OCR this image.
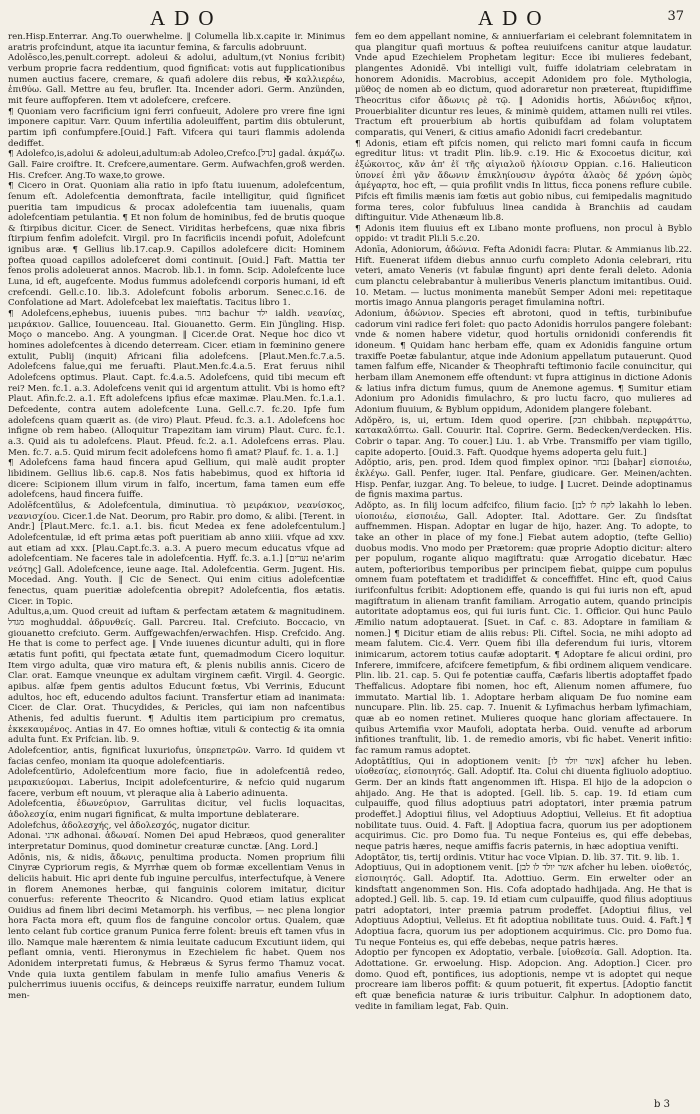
ADO	ADO	37

ren.Hisp.Enterrar. Ang.To ouerwhelme. ‖ Columella lib.x.capite ir. Minimus aratris profcindunt, atque ita iacuntur femina, & farculis adobruunt.

Adolēsco,les,penult.corrept. adoleui & adolui, adultum,(vt Nonius fcribit) verbum proprie facra reddentium, quod fignificat: votis aut fupplicationibus numen auctius facere, cremare, & quafi adolere diis rebus, ✠ καλλιερέω, ἐπιθύω. Gall. Mettre au feu, brufler. Ita. Incender adori. Germ. Anzünden, mit feure auffopferen. Item vt adolefcere, crefcere.

¶ Quoniam vero facrificium igni ferri confueuit, Adolere pro vrere fine igni imponere capitur. Varr. Quum infertilia adoleuiffent, partim diis obtulerunt, partim ipfi confumpfere.[Ouid.] Faft. Vifcera qui tauri flammis adolenda dediffet.

¶ Adolefco,is,adolui & adoleui,adultum:ab Adoleo,Crefco.[גדל] gadal. ἀκμάζω. Gall. Faire croiftre. It. Crefcere,aumentare. Germ. Aufwachfen,groß werden. His. Crefcer. Ang.To waxe,to growe.

¶ Cicero in Orat. Quoniam alia ratio in ipfo ſtatu iuuenum, adolefcentum, ſenum eſt. Adolefcentia demonftrata, facile intelligitur, quid ſignificet pueritia tam impudicus & procax adolefcentia tam iuuenalis, quam adolefcentiam petulantia. ¶ Et non folum de hominibus, fed de brutis quoque & ſtirpibus dicitur. Cicer. de Senect. Viriditas herbefcens, quæ nixa fibris ſtirpium fenfim adolefcit. Virgil. pro In facrificiis incendi pofuit, Adolefcunt ignibus aræ. ¶ Gellius lib.17.cap.9. Capillos adolefcere dicit: Hominem poftea quoad capillos adolefceret domi continuit. [Ouid.] Faft. Mattia ter fenos prolis adoleuerat annos. Macrob. lib.1. in fomn. Scip. Adolefcente luce Luna, id eft, augefcente. Modus fummus adolefcendi corporis humani, id eft crefcendi. Gell.c.10. lib.3. Adolefcunt fobolis arborum. Senec.c.16. de Confolatione ad Mart. Adolefcebat lex maieftatis. Tacitus libro 1.

¶ Adolefcens,ephebus, iuuenis pubes. בחור bachur ילד ialdh. νεανίας, μειράκιον. Gallice, Iouuenceau. Ital. Giouanetto. Germ. Ein Jüngling. Hisp. Moço o mancebo. Ang. A youngman. ‖ Cicer.de Orat. Neque hoc dico vt homines adolefcentes à dicendo deterream. Cicer. etiam in fœminino genere extulit, Publij (inquit) Africani filia adolefcens. [Plaut.Men.fc.7.a.5. Adolefcens falue,qui me feruafti. Plaut.Men.fc.4.a.5. Erat feruus nihil Adolefcens optimus. Plaut. Capt. fc.4.a.5. Adolefcens, quid tibi mecum eft rei? Men. fc.1. a.3. Adolefcens venit qui id argentum attulit. Vbi is homo eft? Plaut. Afin.fc.2. a.1. Eft adolefcens ipfius efcæ maximæ. Plau.Men. fc.1.a.1. Defcedente, contra autem adolefcente Luna. Gell.c.7. fc.20. Ipfe fum adolefcens quam quærit as. (de viro) Plaut. Pfeud. fc.3. a.1. Adolefcens hoc infigne ob rem habeo. (Alloquitur Trapezitam iam virum) Plaut. Curc. fc.1. a.3. Quid ais tu adolefcens. Plaut. Pfeud. fc.2. a.1. Adolefcens erras. Plau. Men. fc.7. a.5. Quid mirum fecit adolefcens homo fi amat? Plauf. fc. 1. a. 1.]

¶ Adolefcens fama haud fincera apud Gellium, qui malè audit propter libidinem. Gellius lib.6. cap.8. Nos fatis habebimus, quod ex hiftoria id dicere: Scipionem illum virum in falfo, incertum, fama tamen eum effe adolefcens, haud fincera fuiffe.

Adolēfcentŭlus, & Adolefcentula, diminutiua. τὸ μειράκιον, νεανίσκος, νεανισχίου. Cicer.1.de Nat. Deorum, pro Rabir. pro domo, & alibi. [Terent. in Andr.] [Plaut.Merc. fc.1. a.1. bis. ficut Medea ex fene adolefcentulum.] Adolefcentulæ, id eft prima ætas poft pueritiam ab anno xiiii. vfque ad xxv. aut etiam ad xxx. [Plau.Capt.fc.3. a.3. A puero mecum educatus vfque ad adolefcentiam. Ne faceres tale in adolefcentia. Hyff. fc.3. a.1.] [נערים ne'arim νεότης] Gall. Adolefcence, ieune aage. Ital. Adolefcentia. Germ. Jugent. His. Mocedad. Ang. Youth. ‖ Cic de Senect. Qui enim citius adolefcentiæ fenectus, quam pueritiæ adolefcentia obrepit? Adolefcentia, flos ætatis. Cicer. in Topic.

Adultus,a,um. Quod creuit ad iuftam & perfectam ætatem & magnitudinem. מגדל moghuddal. ἀδρυνθείς. Gall. Parcreu. Ital. Crefciuto. Boccacio, vn giouanetto crefciuto. Germ. Auffgewachfen/erwachfen. Hisp. Crefcido. Ang. He that is come to perfect age. ‖ Vnde iuuenes dicuntur adulti, qui in flore ætatis funt pofiti, qui fpectata ætate funt, quemadmodum Cicero loquitur. Item virgo adulta, quæ viro matura eft, & plenis nubilis annis. Cicero de Clar. orat. Eamque vneunque ex adultam virginem cæfit. Virgil. 4. Georgic. apibus. alſæ fpem gentis adultos Educunt fœtus, Vbi Verrinis, Educunt adultos, hoc eft, educendo adultos faciunt. Transfertur etiam ad inanimata: Cicer. de Clar. Orat. Thucydides, & Pericles, qui iam non nafcentibus Athenis, fed adultis fuerunt. ¶ Adultis item participium pro crematus, ἐκκεκαυμένος. Antias in 47. Eo omnes hoftiæ, vituli & contectig & ita omnia adulta funt. Ex Prifcian. lib. 9.

Adolefcentior, antis, fignificat luxuriofus, ὑπερπετρῶν. Varro. Id quidem vt facias cenfeo, moniam ita quoque adolefcentiaris.

Adolefcentŭrio, Adolefcentium more facio, fiue in adolefcentiâ redeo, μειρακιεύομαι. Laberius, Incipit adolefcenturire, & nefcio quid nugarum facere, verbum eft nouum, vt pleraque alia à Laberio adinuenta.

Adolefcentia, ἐδωνεύριον, Garrulitas dicitur, vel fuclis loquacitas, ἀδολεσχία, enim nugari fignificat, & multa importune deblaterare.

Adolefchus, ἀδολεσχής, vel ἀδολεσχός, nugator dicitur.

Adonai. אדני adhonai. ἀδωναί. Nomen Dei apud Hebræos, quod generaliter interpretatur Dominus, quod dominetur creaturæ cunctæ. [Ang. Lord.]

Adōnis, nis, & nidis, ἄδωνις, penultima producta. Nomen proprium filii Cinyræ Cypriorum regis, & Myrrhæ quem ob formæ excellentiam Venus in deliciis habuit. Hic apri dente fub inguine perculfus, interfectufque, à Venere in florem Anemones herbæ, qui fanguinis colorem imitatur, dicitur conuerfus: referente Theocrito & Nicandro. Quod etiam latius explicat Ouidius ad finem libri decimi Metamorph. his verfibus, — nec plena longior hora Facta mora eft, quum flos de fanguine concolor ortus. Qualem, quæ lento celant fub cortice granum Punica ferre folent: breuis eft tamen vfus in illo. Namque male hærentem & nimia leuitate caducum Excutiunt iidem, qui peflant omnia, venti. Hieronymus in Ezechielem fic habet. Quem nos Adonidem interpretati fumus, & Hebræus & Syrus fermo Thamuz vocat. Vnde quia iuxta gentilem fabulam in menfe Iulio amafius Veneris & pulcherrimus iuuenis occifus, & deinceps reuixiffe narratur, eundem Iulium men-

fem eo dem appellant nomine, & anniuerfariam ei celebrant folemnitatem in qua plangitur quafi mortuus & poftea reuiuifcens canitur atque laudatur. Vnde apud Ezechielem Prophetam legitur: Ecce ibi mulieres fedebant, plangentes Adonidē. Vbi intelligi vult, fuiffe idolatriam celebratam in honorem Adonidis. Macrobius, accepit Adonidem pro fole. Mythologia, μῦθος de nomen ab eo dictum, quod adoraretur non prætereat, ftupidiffime Theocritus cifor ἄδωνις ρὲ τῷ. ‖ Adonidis hortis, Ἀδώνιδος κῆποι, Prouerbialiter dicuntur res leues, & minimè quidem, attamen nulli rei vtiles. Tractum eft prouerbium ab hortis quibufdam ad folam voluptatem comparatis, qui Veneri, & citius amafio Adonidi facri credebantur.

¶ Adonis, etiam eft pifcis nomen, qui relicto mari fomni caufa in ficcum egreditur litus: vt tradit Plin. lib.9. c.19. Hic & Exocoetus dicitur, καὶ ἐξώκοιτος, κἄν ἀπ' ἑῖ τῆς αἰγιαλοῦ ἡλίοισιν Oppian. c.16. Halieuticon ὑπονεί ἐπὶ γᾶν ἄδωνιν ἐπικληίουσιν ἀγρότα ἀλαὸς δέ χρόνη ὠμὸς ἀμέγαρτα, hoc eft, — quia profilit vndis In littus, ficca ponens reflure cubile. Pifcis eft fimilis mænis iam fœtis aut gobio nibus, cui femipedalis magnitudo forma teres, color fubfuluus linea candida à Branchiis ad caudam diftinguitur. Vide Athenæum lib.8.

¶ Adonis item fluuius eft ex Libano monte profluens, non procul à Byblo oppido: vt tradit Pli.li 5.c.20.

Adonīa, Adoniorum, ἀδώνια. Fefta Adonidi facra: Plutar. & Ammianus lib.22. Hift. Euenerat iifdem diebus annuo curfu completo Adonia celebrari, ritu veteri, amato Veneris (vt fabulæ fingunt) apri dente ferali deleto. Adonia cum planctu celebrabantur à mulieribus Veneris planctum imitantibus. Ouid. 10. Metam. — luctus monimenta manebūt Semper Adoni mei: repetitaque mortis imago Annua plangoris peraget fimulamina noftri.

Adonium, ἀδώνιον. Species eft abrotoni, quod in teftis, turbinibufue cadorum vini radice feri folet: quo pacto Adonidis horrulos pangere folebant: vnde & nomen habere videtur, quod hortulis ornidonidi conferendis fit idoneum. ¶ Quidam hanc herbam effe, quam ex Adonidis fanguine ortum traxiffe Poetæ fabulantur, atque inde Adonium appellatum putauerunt. Quod tamen falfum effe, Nicander & Theophrafti teftimonio facile conuincitur, qui herbam illam Anemonem effe oftendunt: vt fupra attiginus in dictione Adonis & latius infra dictum fumus, quum de Anemone agemus. ¶ Sumitur etiam Adonium pro Adonidis fimulachro, & pro luctu facro, quo mulieres ad Adonium fluuium, & Byblum oppidum, Adonidem plangere folebant.

Adŏpĕro, is, ui, ertum. Idem quod operire. [חבק chibbah. περιφράττω, κατακαλύπτω. Gall. Couurir. Ital. Coprire. Germ. Bedecken/verdecken. His. Cobrir o tapar. Ang. To couer.] Liu. 1. ab Vrbe. Transmiffo per viam tigillo, capite adoperto. [Ouid.3. Faft. Quodque hyems adoperta gelu fuit.]

Adŏptio, aris, pen. prod. Idem quod fimplex opinor. נבחר [baḥar] εἰσποιέω, ἐκλέγω. Gall. Penfer, iuger. Ital. Penfare, giudicare. Ger. Meinen/achten. Hisp. Penfar, iuzgar. Ang. To beleue, to iudge. ‖ Lucret. Deinde adoptinamus de fignis maxima partus.

Adŏpto, as. In filij locum adfcifco, filium facio. [לקח לו לבן lakahh lo leben. υἱοποιέω, εἰσποιέω, Gall. Adopter. Ital. Adottare. Ger. Zu ſindsſtat auffnemmen. Hispan. Adoptar en lugar de hijo, hazer. Ang. To adopte, to take an other in place of my fone.] Fiebat autem adoptio, (tefte Gellio) duobus modis. Vno modo per Prætorem: quæ proprie Adoptio dicitur: altero per populum, rogante aliquo magiftratu: quæ Arrogatio dicebatur. Hæc autem, pofterioribus temporibus per principem fiebat, quippe cum populus omnem fuam poteftatem et tradidiffet & conceffiffet. Hinc eft, quod Caius iurifconfultus fcribit: Adoptionem effe, quando is qui fui iuris non eft, apud magiftratum in alienam tranfit familiam. Arrogatio autem, quando principis autoritate adoptamus eos, qui fui iuris funt. Cic. 1. Officior. Qui hunc Paulo Æmilio natum adoptauerat. [Suet. in Caf. c. 83. Adoptare in familiam & nomen.] ¶ Dicitur etiam de aliis rebus: Pli. Ciftel. Socia, ne mihi adopto ad meam falutem. Cic.4. Verr. Quem fibi illa deferendum fui iuris, vltorem inimicarum, actorem totius caufæ adoptarit. ¶ Adoptare fe alicui ordini, pro Inferere, immifcere, afcifcere femetipfum, & fibi ordinem aliquem vendicare. Plin. lib. 21. cap. 5. Qui fe potentiæ cauffa, Cæfaris libertis adoptaffet fpado Theffalicus. Adoptare fibi nomen, hoc eft, Alienum nomen affumere, fuo immutato. Martial lib. 1. Adoptare herbam aliquam De fuo nomine eam nuncupare. Plin. lib. 25. cap. 7. Inuenit & Lyfimachus herbam lyfimachiam, quæ ab eo nomen retinet. Mulieres quoque hanc gloriam affectauere. In quibus Artemifia vxor Maufoli, adoptata herba. Ouid. venufte ad arborum infitiones tranftulit, lib. 1. de remedio amoris, vbi fic habet. Venerit infitio: fac ramum ramus adoptet.

Adoptātĭtĭus, Qui in adoptionem venit: [אשר יולד לו] afcher hu leben. υἱοθεσίας, εἰσποιητός. Gall. Adoptif. Ita. Colui chi diuenta figliuolo adoptiuo. Germ. Der an kinds ftatt angenommen ift. Hispa. El hijo de la adopcion o ahijado. Ang. He that is adopted. [Gell. lib. 5. cap. 19. Id etiam cum culpauiffe, quod filius adoptiuus patri adoptatori, inter præmia patrum prodeffet.] Adoptiui filius, vel Adoptiuus Adoptiui, Velleius. Et fit adoptiua nobilitate tuus. Ouid. 4. Faft. ‖ Adoptiua facra, quorum ius per adoptionem acquirimus. Cic. pro Domo fua. Tu neque Fonteius es, qui effe debebas, neque patris hæres, neque amiffis facris paternis, in hæc adoptiua venifti.

Adoptātor, tis, tertij ordinis. Vtitur hac voce Vlpian. D. lib. 37. Tit. 9. lib. 1.

Adoptiuus, Qui in adoptionem venit. [אשר יולד לו לבן afcher hu leben. υἱοθετός, εἰσποιητός. Gall. Adoptif. Ita. Adottiuo. Germ. Ein erwelter oder an kindsftatt angenommen Son. His. Cofa adoptado hadhijada. Ang. He that is adopted.] Gell. lib. 5. cap. 19. Id etiam cum culpauiffe, quod filius adoptiuus patri adoptatori, inter præmia patrum prodeffet. [Adoptiui filius, vel Adoptiuus Adoptiui, Velleius. Et fit adoptiua nobilitate tuus. Ouid. 4. Faft.] ¶ Adoptiua facra, quorum ius per adoptionem acquirimus. Cic. pro Domo fua. Tu neque Fonteius es, qui effe debebas, neque patris hæres.

Adoptio per fyncopen ex Adoptatio, verbale. [υἱοθεσία. Gall. Adoption. Ita. Adottatione. Gr. erwoelung. Hisp. Adopcion. Ang. Adoption.] Cicer. pro domo. Quod eft, pontifices, ius adoptionis, nempe vt is adoptet qui neque procreare iam liberos poffit: & quum potuerit, fit expertus. [Adoptio fanctit eft quæ beneficia naturæ & iuris tribuitur. Calphur. In adoptionem dato, vedite in familiam legat, Fab. Quin.

b 3
